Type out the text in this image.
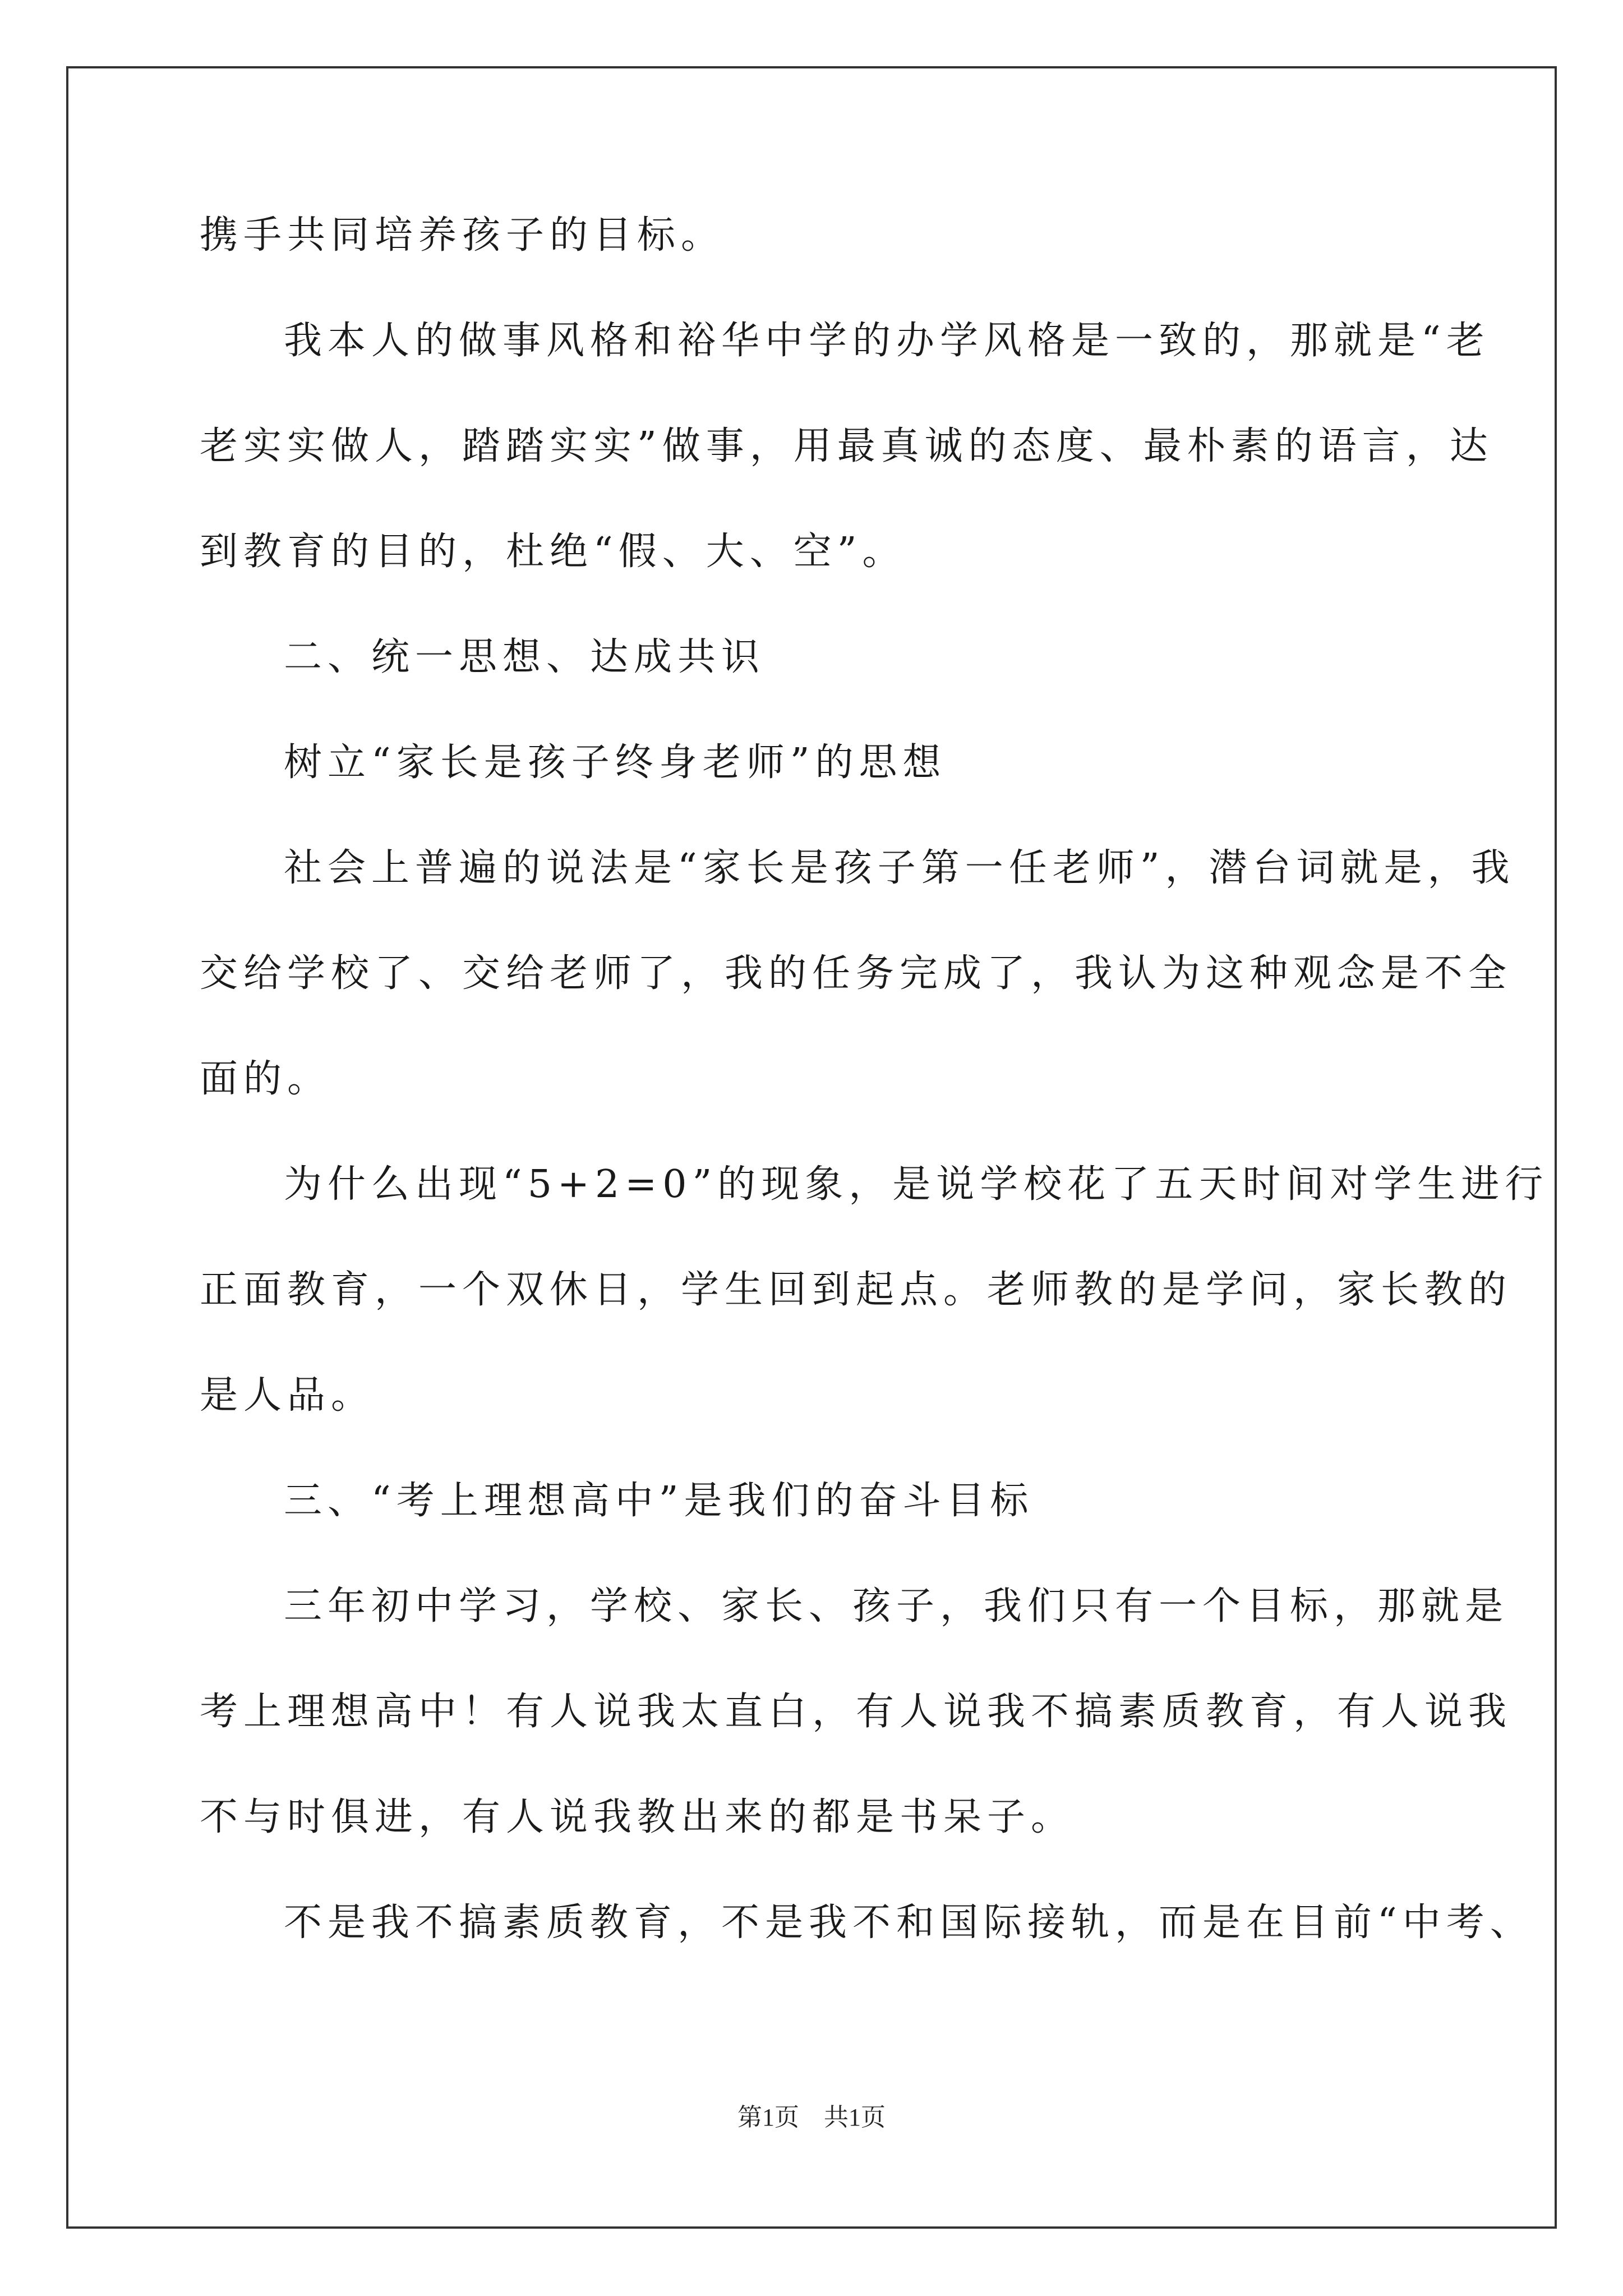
携手共同培养孩子的目标。
我本人的做事风格和裕华中学的办学风格是一致的，那就是“老
老实实做人，踏踏实实”做事，用最真诚的态度、最朴素的语言，达
到教育的目的，杜绝“假、大、空”。
二、统一思想、达成共识
树立“家长是孩子终身老师”的思想
社会上普遍的说法是“家长是孩子第一任老师”，潜台词就是，我
交给学校了、交给老师了，我的任务完成了，我认为这种观念是不全
面的。
为什么出现“5+2=0”的现象，是说学校花了五天时间对学生进行
正面教育，一个双休日，学生回到起点。老师教的是学问，家长教的
是人品。
三、“考上理想高中”是我们的奋斗目标
三年初中学习，学校、家长、孩子，我们只有一个目标，那就是
考上理想高中！有人说我太直白，有人说我不搞素质教育，有人说我
不与时俱进，有人说我教出来的都是书呆子。
不是我不搞素质教育，不是我不和国际接轨，而是在目前“中考、
第1页　共1页
